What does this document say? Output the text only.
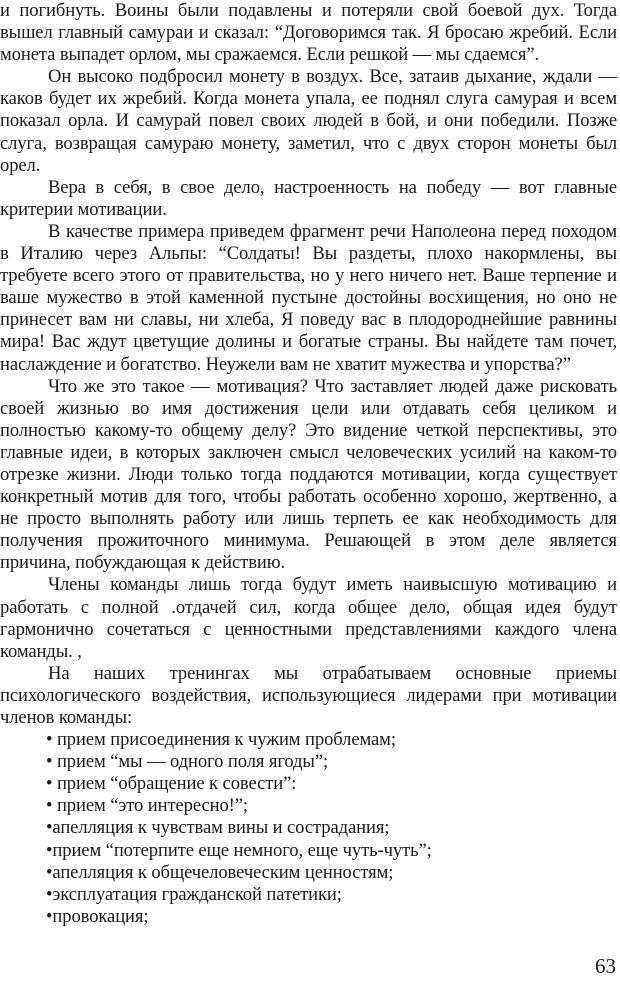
и погибнуть. Воины были подавлены и потеряли свой боевой дух. Тогда вышел главный самураи и сказал: “Договоримся так. Я бросаю жребий. Если монета выпадет орлом, мы сражаемся. Если решкой — мы сдаемся”.

Он высоко подбросил монету в воздух. Все, затаив дыхание, ждали — каков будет их жребий. Когда монета упала, ее поднял слуга самурая и всем показал орла. И самурай повел своих людей в бой, и они победили. Позже слуга, возвращая самураю монету, заметил, что с двух сторон монеты был орел.

Вера в себя, в свое дело, настроенность на победу — вот главные критерии мотивации.

В качестве примера приведем фрагмент речи Наполеона перед походом в Италию через Альпы: “Солдаты! Вы раздеты, плохо накормлены, вы требуете всего этого от правительства, но у него ничего нет. Ваше терпение и ваше мужество в этой каменной пустыне достойны восхищения, но оно не принесет вам ни славы, ни хлеба, Я поведу вас в плодороднейшие равнины мира! Вас ждут цветущие долины и богатые страны. Вы найдете там почет, наслаждение и богатство. Неужели вам не хватит мужества и упорства?”

Что же это такое — мотивация? Что заставляет людей даже рисковать своей жизнью во имя достижения цели или отдавать себя целиком и полностью какому-то общему делу? Это видение четкой перспективы, это главные идеи, в которых заключен смысл человеческих усилий на каком-то отрезке жизни. Люди только тогда поддаются мотивации, когда существует конкретный мотив для того, чтобы работать особенно хорошо, жертвенно, а не просто выполнять работу или лишь терпеть ее как необходимость для получения прожиточного минимума. Решающей в этом деле является причина, побуждающая к действию.

Члены команды лишь тогда будут иметь наивысшую мотивацию и работать с полной .отдачей сил, когда общее дело, общая идея будут гармонично сочетаться с ценностными представлениями каждого члена команды. ,

На наших тренингах мы отрабатываем основные приемы психологического воздействия, использующиеся лидерами при мотивации членов команды:

• прием присоединения к чужим проблемам;
• прием “мы — одного поля ягоды”;
• прием “обращение к совести”:
• прием “это интересно!”;
•апелляция к чувствам вины и сострадания;
•прием “потерпите еще немного, еще чуть-чуть”;
•апелляция к общечеловеческим ценностям;
•эксплуатация гражданской патетики;
•провокация;
63
